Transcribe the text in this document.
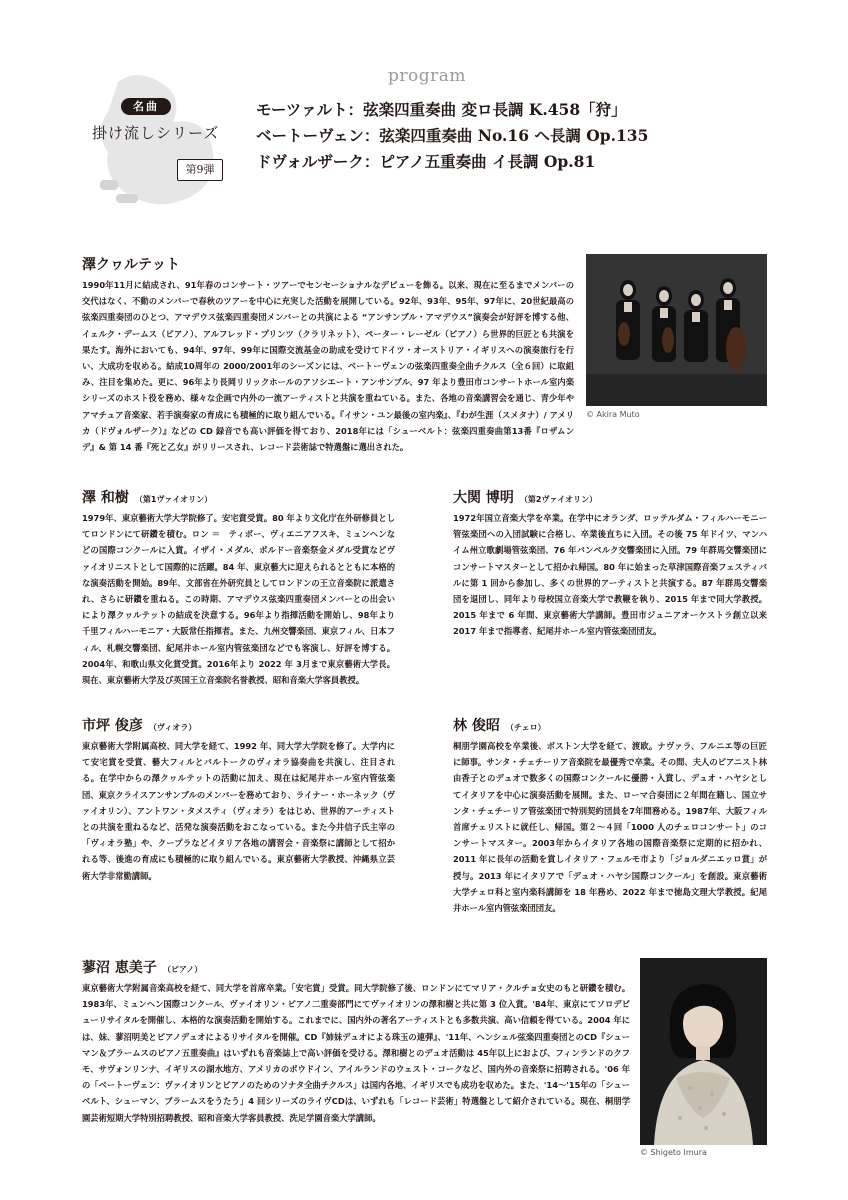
名曲
掛け流しシリーズ
第9弾
program
モーツァルト：弦楽四重奏曲 変ロ長調 K.458「狩」
ベートーヴェン：弦楽四重奏曲 No.16 ヘ長調 Op.135
ドヴォルザーク：ピアノ五重奏曲 イ長調 Op.81
澤クヮルテット

1990年11月に結成され、91年春のコンサート・ツアーでセンセーショナルなデビューを飾る。以来、現在に至るまでメンバーの交代はなく、不動のメンバーで春秋のツアーを中心に充実した活動を展開している。92年、93年、95年、97年に、20世紀最高の弦楽四重奏団のひとつ、アマデウス弦楽四重奏団メンバーとの共演による “アンサンブル・アマデウス”演奏会が好評を博する他、イェルク・デームス（ピアノ）、アルフレッド・プリンツ（クラリネット）、ペーター・レーゼル（ピアノ）ら世界的巨匠とも共演を果たす。海外においても、94年、97年、99年に国際交流基金の助成を受けてドイツ・オーストリア・イギリスへの演奏旅行を行い、大成功を収める。結成10周年の 2000/2001年のシーズンには、ベートーヴェンの弦楽四重奏全曲チクルス（全６回）に取組み、注目を集めた。更に、96年より長岡リリックホールのアソシエート・アンサンブル、97 年より豊田市コンサートホール室内楽シリーズのホスト役を務め、様々な企画で内外の一流アーティストと共演を重ねている。また、各地の音楽講習会を通じ、青少年やアマチュア音楽家、若手演奏家の育成にも積極的に取り組んでいる。『イサン・ユン最後の室内楽』、『わが生涯（スメタナ）/ アメリカ（ドヴォルザーク）』などの CD 録音でも高い評価を得ており、2018年には「シューベルト：弦楽四重奏曲第13番『ロザムンデ』& 第 14 番『死と乙女』がリリースされ、レコード芸術誌で特選盤に選出された。

© Akira Muto
澤 和樹 （第1ヴァイオリン）

1979年、東京藝術大学大学院修了。安宅賞受賞。80 年より文化庁在外研修員としてロンドンにて研鑽を積む。ロン ＝　ティボー、ヴィエニアフスキ、ミュンヘンなどの国際コンクールに入賞。イザイ・メダル、ボルドー音楽祭金メダル受賞などヴァイオリニストとして国際的に活躍。84 年、東京藝大に迎えられるとともに本格的な演奏活動を開始。89年、文部省在外研究員としてロンドンの王立音楽院に派遣され、さらに研鑽を重ねる。この時期、アマデウス弦楽四重奏団メンバーとの出会いにより澤クヮルテットの結成を決意する。96年より指揮活動を開始し、98年より千里フィルハーモニア・大阪常任指揮者。また、九州交響楽団、東京フィル、日本フィル、札幌交響楽団、紀尾井ホール室内管弦楽団などでも客演し、好評を博する。2004年、和歌山県文化賞受賞。2016年より 2022 年 3月まで東京藝術大学長。現在、東京藝術大学及び英国王立音楽院名誉教授、昭和音楽大学客員教授。

大関 博明 （第2ヴァイオリン）

1972年国立音楽大学を卒業。在学中にオランダ、ロッテルダム・フィルハーモニー管弦楽団への入団試験に合格し、卒業後直ちに入団。その後 75 年ドイツ、マンハイム州立歌劇場管弦楽団、76 年バンベルク交響楽団に入団。79 年群馬交響楽団にコンサートマスターとして招かれ帰国。80 年に始まった草津国際音楽フェスティバルに第 1 回から参加し、多くの世界的アーティストと共演する。87 年群馬交響楽団を退団し、同年より母校国立音楽大学で教鞭を執り、2015 年まで同大学教授。2015 年まで 6 年間、東京藝術大学講師。豊田市ジュニアオーケストラ創立以来 2017 年まで指導者、紀尾井ホール室内管弦楽団団友。

市坪 俊彦 （ヴィオラ）

東京藝術大学附属高校、同大学を経て、1992 年、同大学大学院を修了。大学内にて安宅賞を受賞、藝大フィルとバルトークのヴィオラ協奏曲を共演し、注目される。在学中からの澤クヮルテットの活動に加え、現在は紀尾井ホール室内管弦楽団、東京クライスアンサンブルのメンバーを務めており、ライナー・ホーネック（ヴァイオリン）、アントワン・タメスティ（ヴィオラ）をはじめ、世界的アーティストとの共演を重ねるなど、活発な演奏活動をおこなっている。また今井信子氏主宰の「ヴィオラ塾」や、クープラなどイタリア各地の講習会・音楽祭に講師として招かれる等、後進の育成にも積極的に取り組んでいる。東京藝術大学教授、沖縄県立芸術大学非常勤講師。

林 俊昭 （チェロ）

桐朋学園高校を卒業後、ボストン大学を経て、渡欧。ナヴァラ、フルニエ等の巨匠に師事。サンタ・チェチーリア音楽院を最優秀で卒業。その間、夫人のピアニスト林由香子とのデュオで数多くの国際コンクールに優勝・入賞し、デュオ・ハヤシとしてイタリアを中心に演奏活動を展開。また、ローマ合奏団に２年間在籍し、国立サンタ・チェチーリア管弦楽団で特別契約団員を7年間務める。1987年、大阪フィル首席チェリストに就任し、帰国。第２～４回「1000 人のチェロコンサート」のコンサートマスター。2003年からイタリア各地の国際音楽祭に定期的に招かれ、2011 年に長年の活動を賞しイタリア・フェルモ市より「ジョルダニエッロ賞」が授与。2013 年にイタリアで「デュオ・ハヤシ国際コンクール」を創設。東京藝術大学チェロ科と室内楽科講師を 18 年務め、2022 年まで徳島文理大学教授。紀尾井ホール室内管弦楽団団友。

蓼沼 恵美子 （ピアノ）

東京藝術大学附属音楽高校を経て、同大学を首席卒業。「安宅賞」受賞。同大学院修了後、ロンドンにてマリア・クルチョ女史のもと研鑽を積む。1983年、ミュンヘン国際コンクール、ヴァイオリン・ピアノ二重奏部門にてヴァイオリンの澤和樹と共に第 3 位入賞。'84年、東京にてソロデビューリサイタルを開催し、本格的な演奏活動を開始する。これまでに、国内外の著名アーティストとも多数共演、高い信頼を得ている。2004 年には、妹、蓼沼明美とピアノデュオによるリサイタルを開催。CD『姉妹デュオによる珠玉の連弾』、'11年、ヘンシェル弦楽四重奏団とのCD『シューマン＆ブラームスのピアノ五重奏曲』はいずれも音楽誌上で高い評価を受ける。澤和樹とのデュオ活動は 45年以上におよび、フィンランドのクフモ、サヴォンリンナ、イギリスの湖水地方、アメリカのボウドイン、アイルランドのウェスト・コークなど、国内外の音楽祭に招聘される。'06 年の「ベートーヴェン：ヴァイオリンとピアノのためのソナタ全曲チクルス」は国内各地、イギリスでも成功を収めた。また、'14～'15年の「シューベルト、シューマン、ブラームスをうたう」4 回シリーズのライヴCDは、いずれも「レコード芸術」特選盤として紹介されている。現在、桐朋学園芸術短期大学特別招聘教授、昭和音楽大学客員教授、洗足学園音楽大学講師。

© Shigeto Imura
